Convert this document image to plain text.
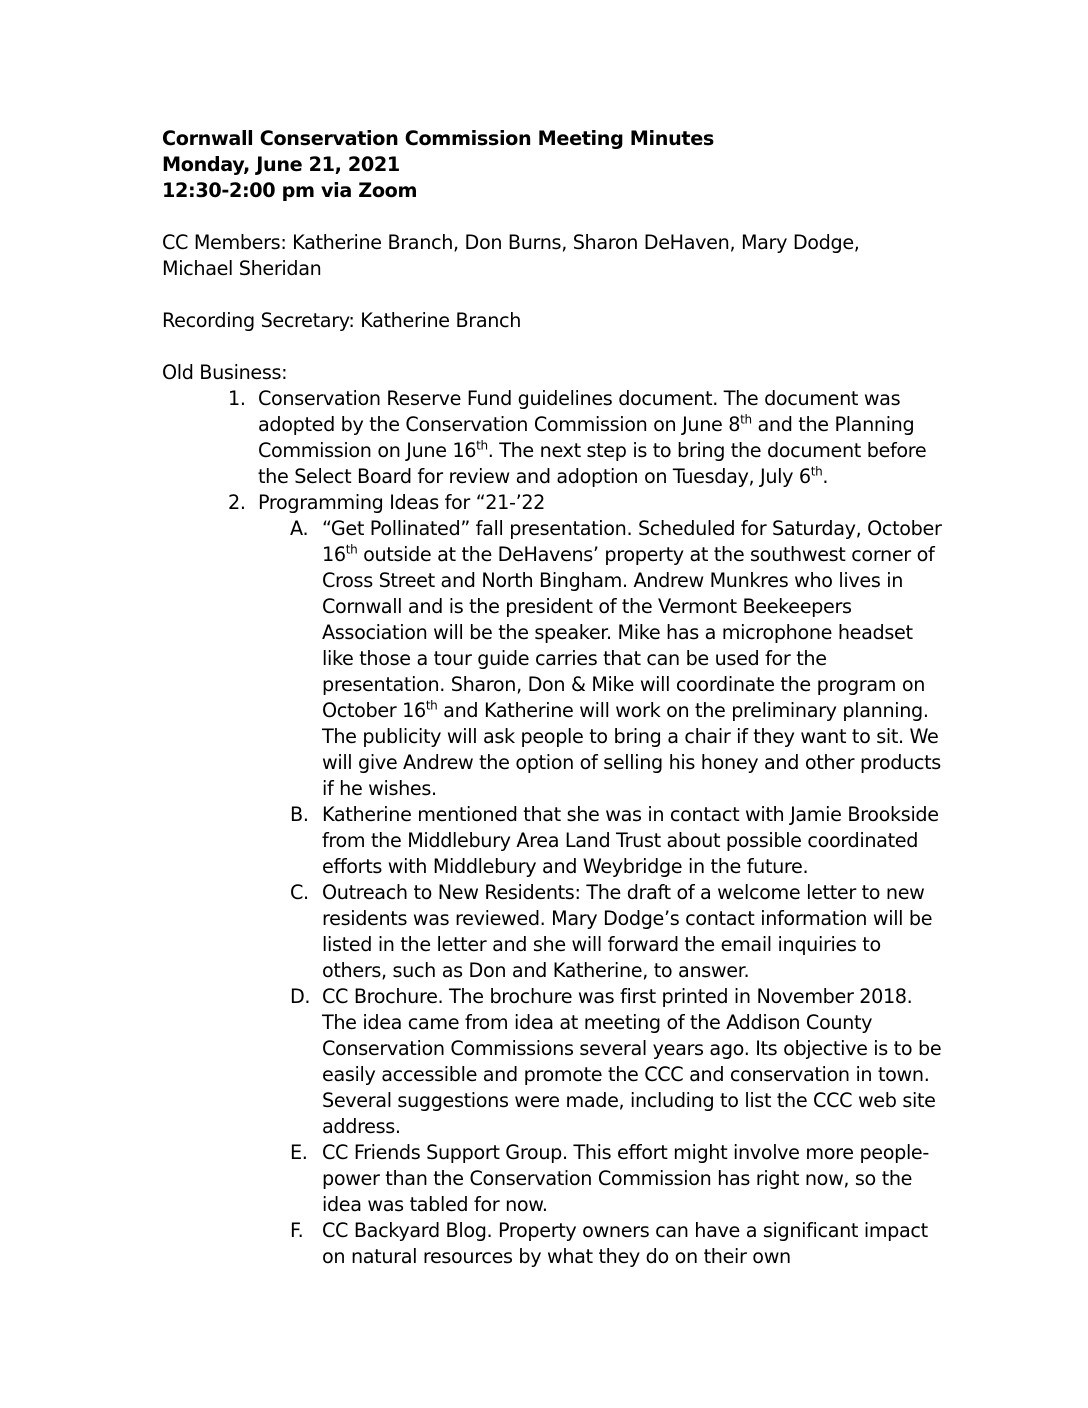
Cornwall Conservation Commission Meeting Minutes
Monday, June 21, 2021
12:30-2:00 pm via Zoom
CC Members: Katherine Branch, Don Burns, Sharon DeHaven, Mary Dodge,
Michael Sheridan
Recording Secretary: Katherine Branch
Old Business:
1. Conservation Reserve Fund guidelines document. The document was adopted by the Conservation Commission on June 8th and the Planning Commission on June 16th. The next step is to bring the document before the Select Board for review and adoption on Tuesday, July 6th.
2. Programming Ideas for “21-’22
A. “Get Pollinated” fall presentation. Scheduled for Saturday, October 16th outside at the DeHavens’ property at the southwest corner of Cross Street and North Bingham. Andrew Munkres who lives in Cornwall and is the president of the Vermont Beekeepers Association will be the speaker. Mike has a microphone headset like those a tour guide carries that can be used for the presentation. Sharon, Don & Mike will coordinate the program on October 16th and Katherine will work on the preliminary planning. The publicity will ask people to bring a chair if they want to sit. We will give Andrew the option of selling his honey and other products if he wishes.
B. Katherine mentioned that she was in contact with Jamie Brookside from the Middlebury Area Land Trust about possible coordinated efforts with Middlebury and Weybridge in the future.
C. Outreach to New Residents: The draft of a welcome letter to new residents was reviewed. Mary Dodge’s contact information will be listed in the letter and she will forward the email inquiries to others, such as Don and Katherine, to answer.
D. CC Brochure. The brochure was first printed in November 2018. The idea came from idea at meeting of the Addison County Conservation Commissions several years ago. Its objective is to be easily accessible and promote the CCC and conservation in town. Several suggestions were made, including to list the CCC web site address.
E. CC Friends Support Group. This effort might involve more people-power than the Conservation Commission has right now, so the idea was tabled for now.
F. CC Backyard Blog. Property owners can have a significant impact on natural resources by what they do on their own
